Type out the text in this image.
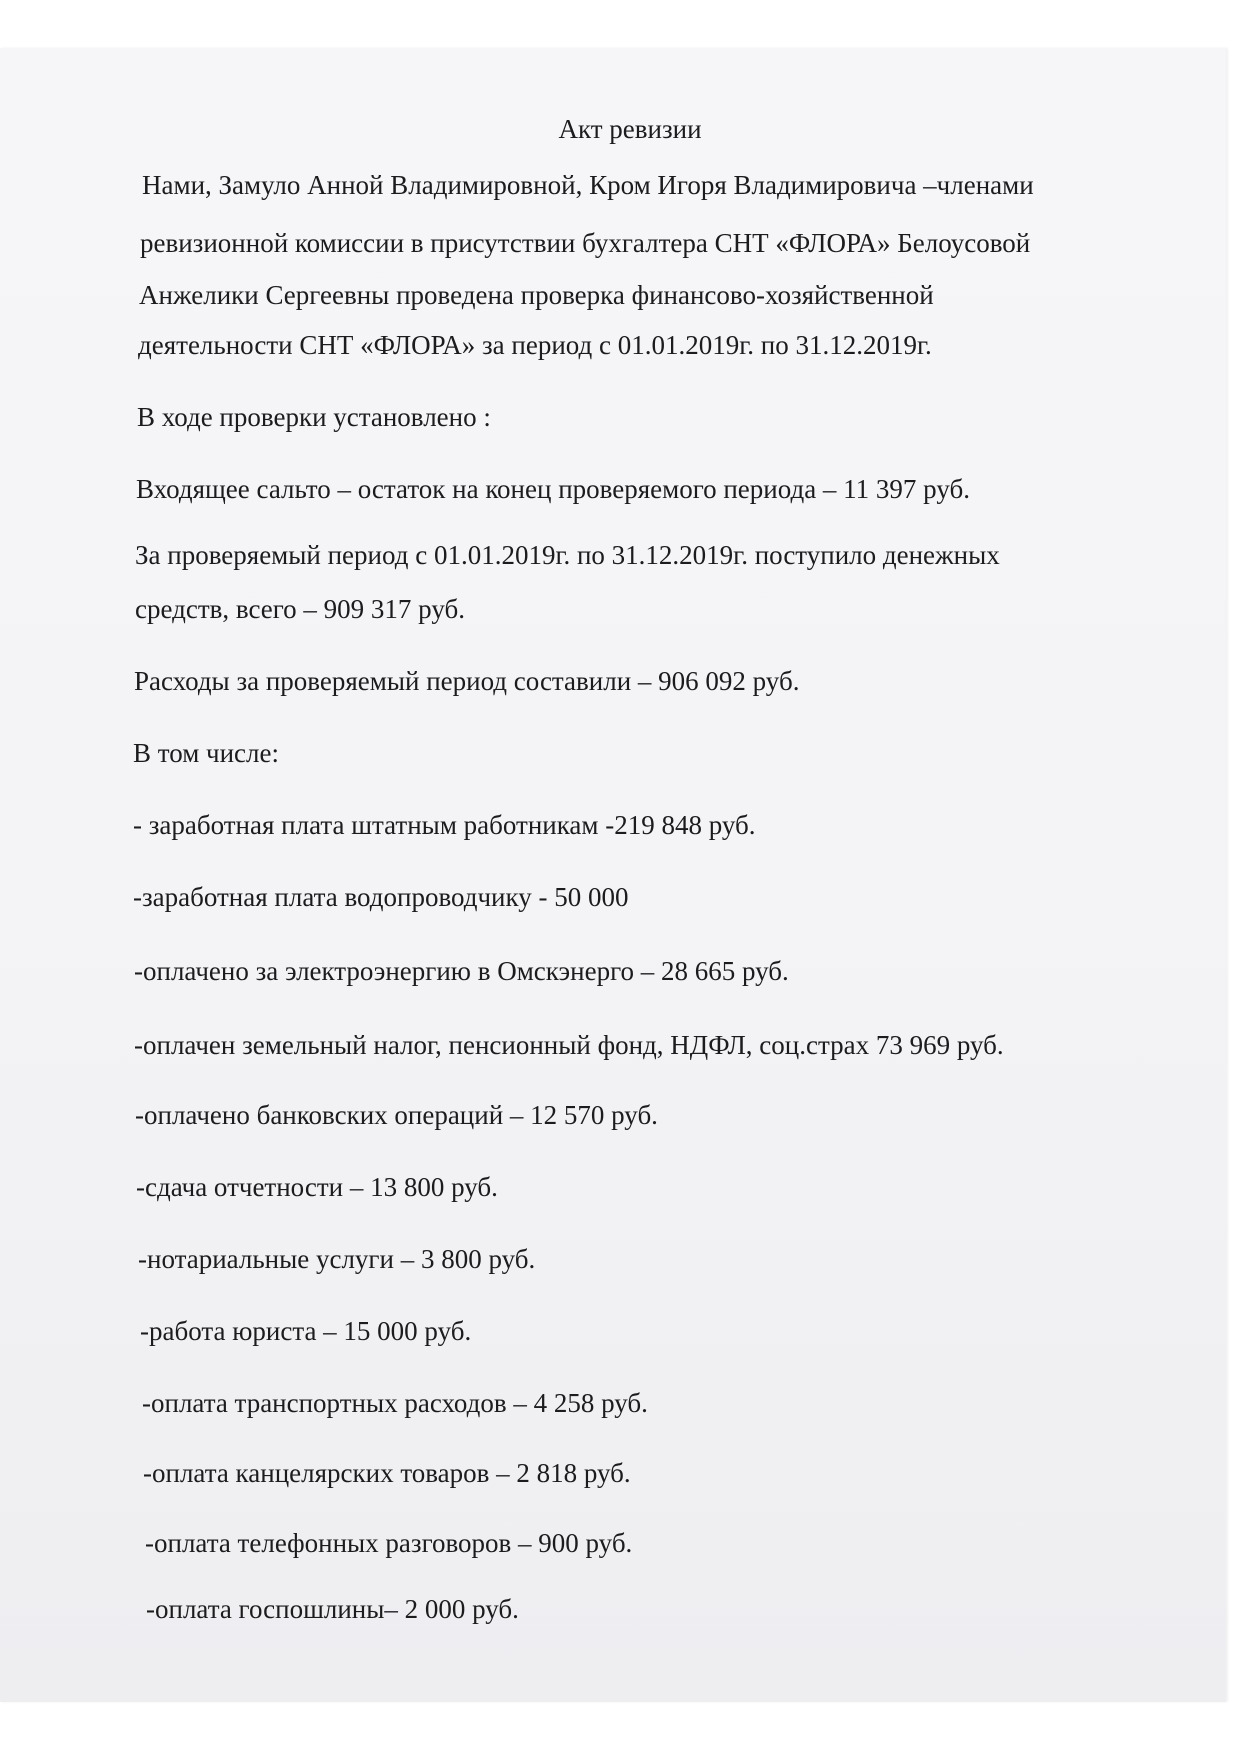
Акт ревизии
Нами, Замуло Анной Владимировной, Кром Игоря Владимировича –членами
ревизионной комиссии в присутствии бухгалтера СНТ «ФЛОРА» Белоусовой
Анжелики Сергеевны проведена проверка финансово-хозяйственной
деятельности СНТ «ФЛОРА» за период с 01.01.2019г. по 31.12.2019г.
В ходе проверки установлено :
Входящее сальто – остаток на конец проверяемого периода – 11 397 руб.
За проверяемый период с 01.01.2019г. по 31.12.2019г. поступило денежных
средств, всего – 909 317 руб.
Расходы за проверяемый период составили – 906 092 руб.
В том числе:
- заработная плата штатным работникам -219 848 руб.
-заработная плата водопроводчику - 50 000
-оплачено за электроэнергию в Омскэнерго – 28 665 руб.
-оплачен земельный налог, пенсионный фонд, НДФЛ, соц.страх 73 969 руб.
-оплачено банковских операций – 12 570 руб.
-сдача отчетности – 13 800 руб.
-нотариальные услуги – 3 800 руб.
-работа юриста – 15 000 руб.
-оплата транспортных расходов – 4 258 руб.
-оплата канцелярских товаров – 2 818 руб.
-оплата телефонных разговоров – 900 руб.
-оплата госпошлины– 2 000 руб.
